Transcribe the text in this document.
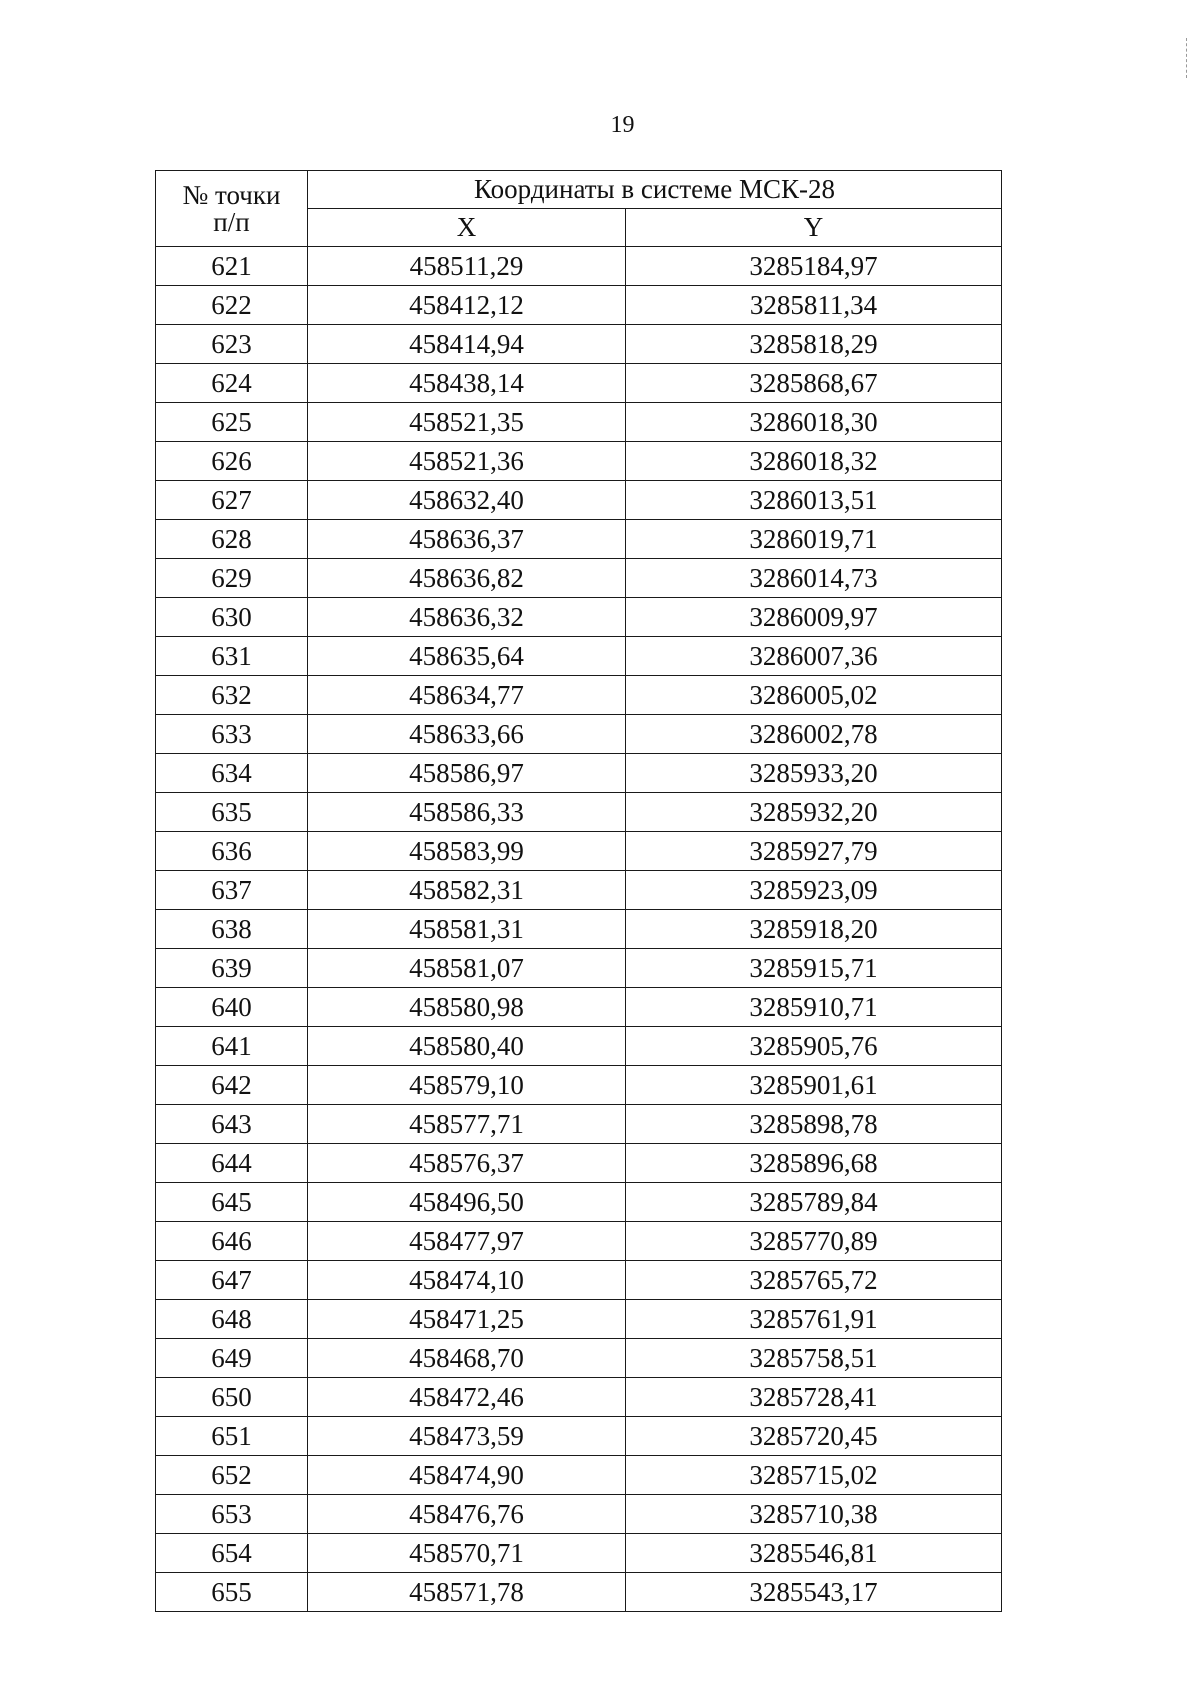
19
№ точки
п/п	Координаты в системе МСК-28	
	X	Y
621	458511,29	3285184,97
622	458412,12	3285811,34
623	458414,94	3285818,29
624	458438,14	3285868,67
625	458521,35	3286018,30
626	458521,36	3286018,32
627	458632,40	3286013,51
628	458636,37	3286019,71
629	458636,82	3286014,73
630	458636,32	3286009,97
631	458635,64	3286007,36
632	458634,77	3286005,02
633	458633,66	3286002,78
634	458586,97	3285933,20
635	458586,33	3285932,20
636	458583,99	3285927,79
637	458582,31	3285923,09
638	458581,31	3285918,20
639	458581,07	3285915,71
640	458580,98	3285910,71
641	458580,40	3285905,76
642	458579,10	3285901,61
643	458577,71	3285898,78
644	458576,37	3285896,68
645	458496,50	3285789,84
646	458477,97	3285770,89
647	458474,10	3285765,72
648	458471,25	3285761,91
649	458468,70	3285758,51
650	458472,46	3285728,41
651	458473,59	3285720,45
652	458474,90	3285715,02
653	458476,76	3285710,38
654	458570,71	3285546,81
655	458571,78	3285543,17
